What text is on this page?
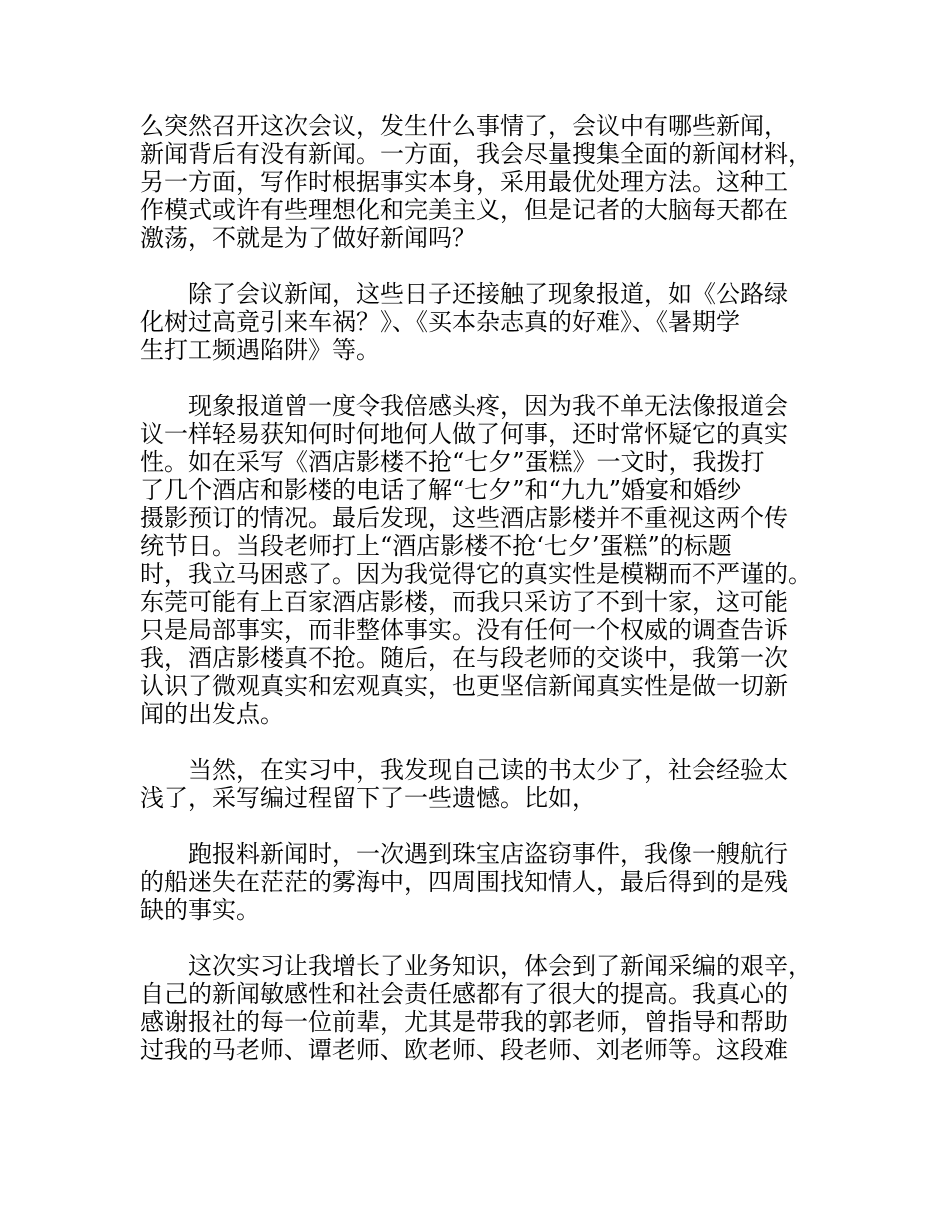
么突然召开这次会议，发生什么事情了，会议中有哪些新闻，
新闻背后有没有新闻。一方面，我会尽量搜集全面的新闻材料，
另一方面，写作时根据事实本身，采用最优处理方法。这种工
作模式或许有些理想化和完美主义，但是记者的大脑每天都在
激荡，不就是为了做好新闻吗？

除了会议新闻，这些日子还接触了现象报道，如《公路绿
化树过高竟引来车祸？》、《买本杂志真的好难》、《暑期学
生打工频遇陷阱》等。

现象报道曾一度令我倍感头疼，因为我不单无法像报道会
议一样轻易获知何时何地何人做了何事，还时常怀疑它的真实
性。如在采写《酒店影楼不抢“七夕”蛋糕》一文时，我拨打
了几个酒店和影楼的电话了解“七夕”和“九九”婚宴和婚纱
摄影预订的情况。最后发现，这些酒店影楼并不重视这两个传
统节日。当段老师打上“酒店影楼不抢‘七夕’蛋糕”的标题
时，我立马困惑了。因为我觉得它的真实性是模糊而不严谨的。
东莞可能有上百家酒店影楼，而我只采访了不到十家，这可能
只是局部事实，而非整体事实。没有任何一个权威的调查告诉
我，酒店影楼真不抢。随后，在与段老师的交谈中，我第一次
认识了微观真实和宏观真实，也更坚信新闻真实性是做一切新
闻的出发点。

当然，在实习中，我发现自己读的书太少了，社会经验太
浅了，采写编过程留下了一些遗憾。比如，

跑报料新闻时，一次遇到珠宝店盗窃事件，我像一艘航行
的船迷失在茫茫的雾海中，四周围找知情人，最后得到的是残
缺的事实。

这次实习让我增长了业务知识，体会到了新闻采编的艰辛，
自己的新闻敏感性和社会责任感都有了很大的提高。我真心的
感谢报社的每一位前辈，尤其是带我的郭老师，曾指导和帮助
过我的马老师、谭老师、欧老师、段老师、刘老师等。这段难
